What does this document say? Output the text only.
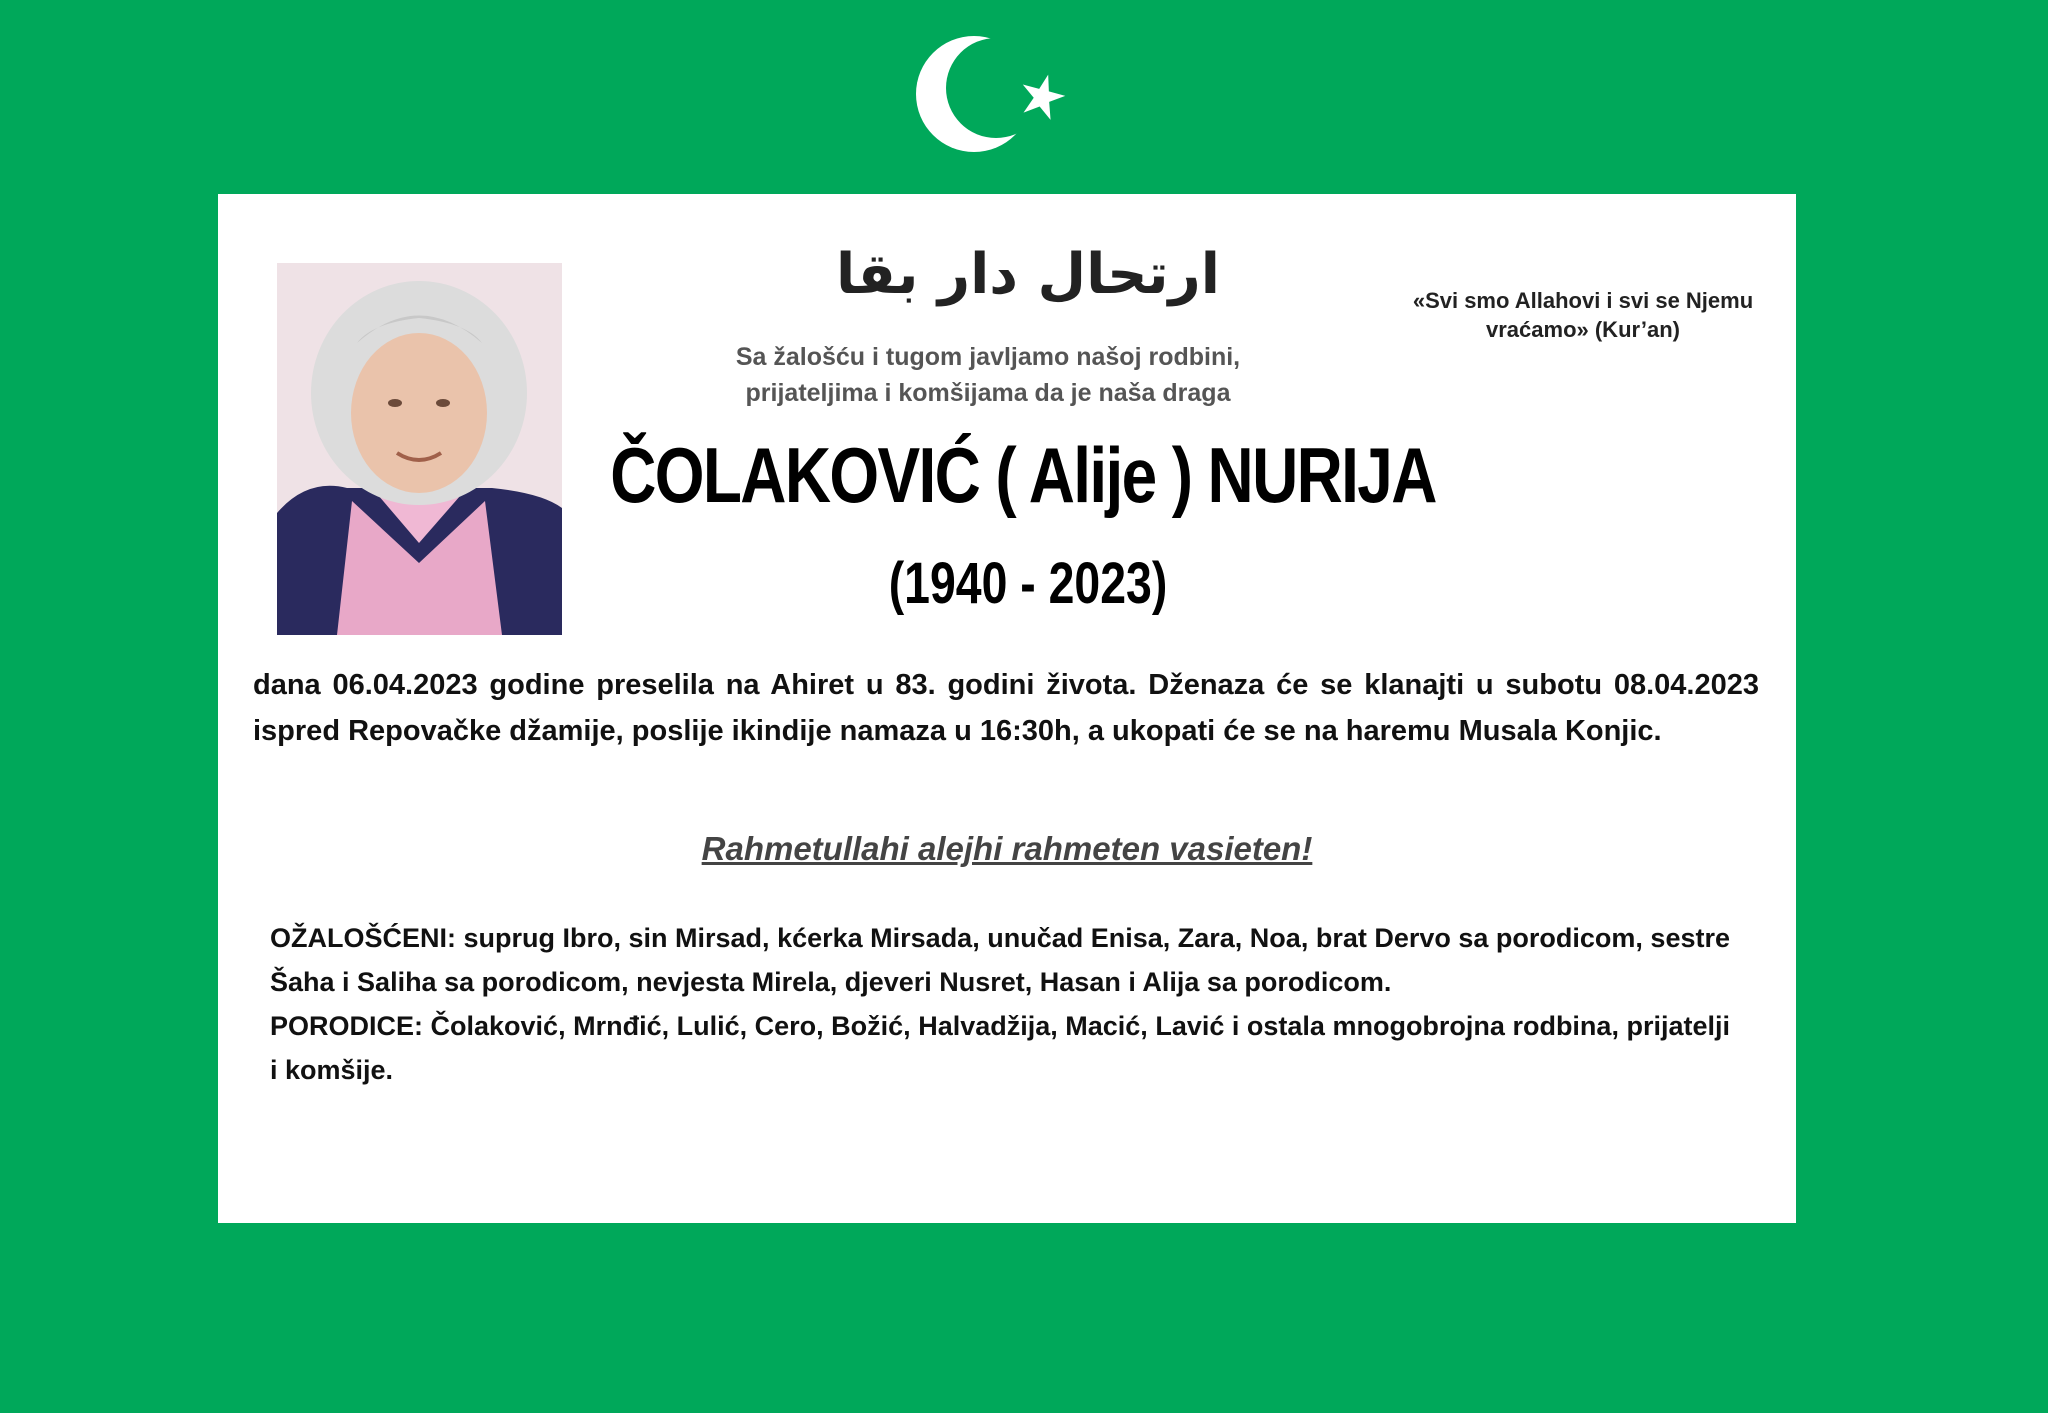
ارتحال دار بقا	«Svi smo Allahovi i svi se Njemu vraćamo» (Kur’an)
Sa žalošću i tugom javljamo našoj rodbini,
prijateljima i komšijama da je naša draga
ČOLAKOVIĆ ( Alije ) NURIJA
(1940 - 2023)
dana 06.04.2023 godine preselila na Ahiret u 83. godini života. Dženaza će se klanajti u subotu 08.04.2023 ispred Repovačke džamije, poslije ikindije namaza u 16:30h, a ukopati će se na haremu Musala Konjic.
Rahmetullahi alejhi rahmeten vasieten!

OŽALOŠĆENI: suprug Ibro, sin Mirsad, kćerka Mirsada, unučad Enisa, Zara, Noa, brat Dervo sa porodicom, sestre Šaha i Saliha sa porodicom, nevjesta Mirela, djeveri Nusret, Hasan i Alija sa porodicom.

PORODICE: Čolaković, Mrnđić, Lulić, Cero, Božić, Halvadžija, Macić, Lavić i ostala mnogobrojna rodbina, prijatelji i komšije.
